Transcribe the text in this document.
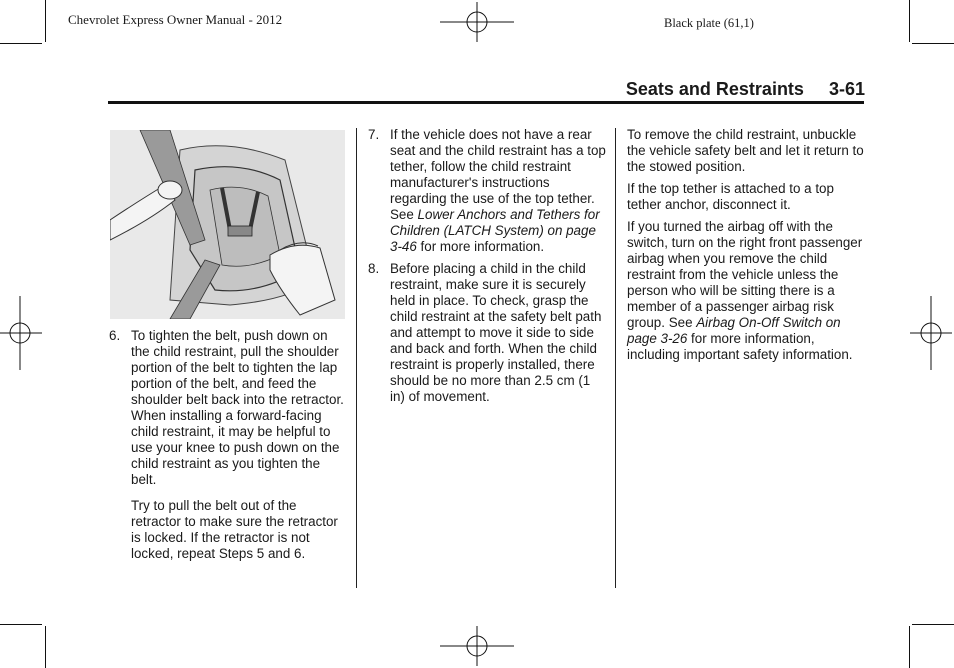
Chevrolet Express Owner Manual - 2012	Black plate (61,1)
Seats and Restraints 3-61
6. To tighten the belt, push down on the child restraint, pull the shoulder portion of the belt to tighten the lap portion of the belt, and feed the shoulder belt back into the retractor. When installing a forward-facing child restraint, it may be helpful to use your knee to push down on the child restraint as you tighten the belt.

Try to pull the belt out of the retractor to make sure the retractor is locked. If the retractor is not locked, repeat Steps 5 and 6.

7. If the vehicle does not have a rear seat and the child restraint has a top tether, follow the child restraint manufacturer's instructions regarding the use of the top tether. See Lower Anchors and Tethers for Children (LATCH System) on page 3-46 for more information.
8. Before placing a child in the child restraint, make sure it is securely held in place. To check, grasp the child restraint at the safety belt path and attempt to move it side to side and back and forth. When the child restraint is properly installed, there should be no more than 2.5 cm (1 in) of movement.

To remove the child restraint, unbuckle the vehicle safety belt and let it return to the stowed position.

If the top tether is attached to a top tether anchor, disconnect it.

If you turned the airbag off with the switch, turn on the right front passenger airbag when you remove the child restraint from the vehicle unless the person who will be sitting there is a member of a passenger airbag risk group. See Airbag On-Off Switch on page 3-26 for more information, including important safety information.
